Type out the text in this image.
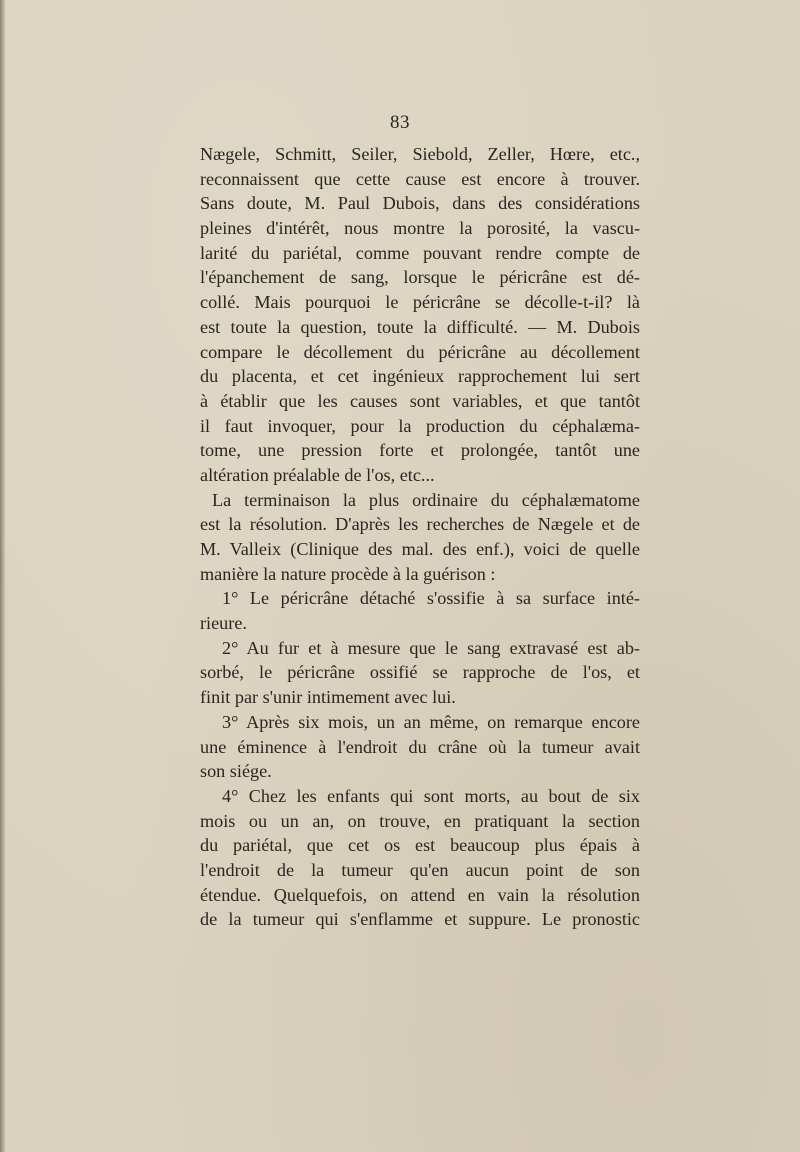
83
Nægele, Schmitt, Seiler, Siebold, Zeller, Hœre, etc.,
reconnaissent que cette cause est encore à trouver.
Sans doute, M. Paul Dubois, dans des considérations
pleines d'intérêt, nous montre la porosité, la vascu-
larité du pariétal, comme pouvant rendre compte de
l'épanchement de sang, lorsque le péricrâne est dé-
collé. Mais pourquoi le péricrâne se décolle-t-il? là
est toute la question, toute la difficulté. — M. Dubois
compare le décollement du péricrâne au décollement
du placenta, et cet ingénieux rapprochement lui sert
à établir que les causes sont variables, et que tantôt
il faut invoquer, pour la production du céphalæma-
tome, une pression forte et prolongée, tantôt une
altération préalable de l'os, etc...
La terminaison la plus ordinaire du céphalæmatome
est la résolution. D'après les recherches de Nægele et de
M. Valleix (Clinique des mal. des enf.), voici de quelle
manière la nature procède à la guérison :
1° Le péricrâne détaché s'ossifie à sa surface inté-
rieure.
2° Au fur et à mesure que le sang extravasé est ab-
sorbé, le péricrâne ossifié se rapproche de l'os, et
finit par s'unir intimement avec lui.
3° Après six mois, un an même, on remarque encore
une éminence à l'endroit du crâne où la tumeur avait
son siége.
4° Chez les enfants qui sont morts, au bout de six
mois ou un an, on trouve, en pratiquant la section
du pariétal, que cet os est beaucoup plus épais à
l'endroit de la tumeur qu'en aucun point de son
étendue. Quelquefois, on attend en vain la résolution
de la tumeur qui s'enflamme et suppure. Le pronostic
